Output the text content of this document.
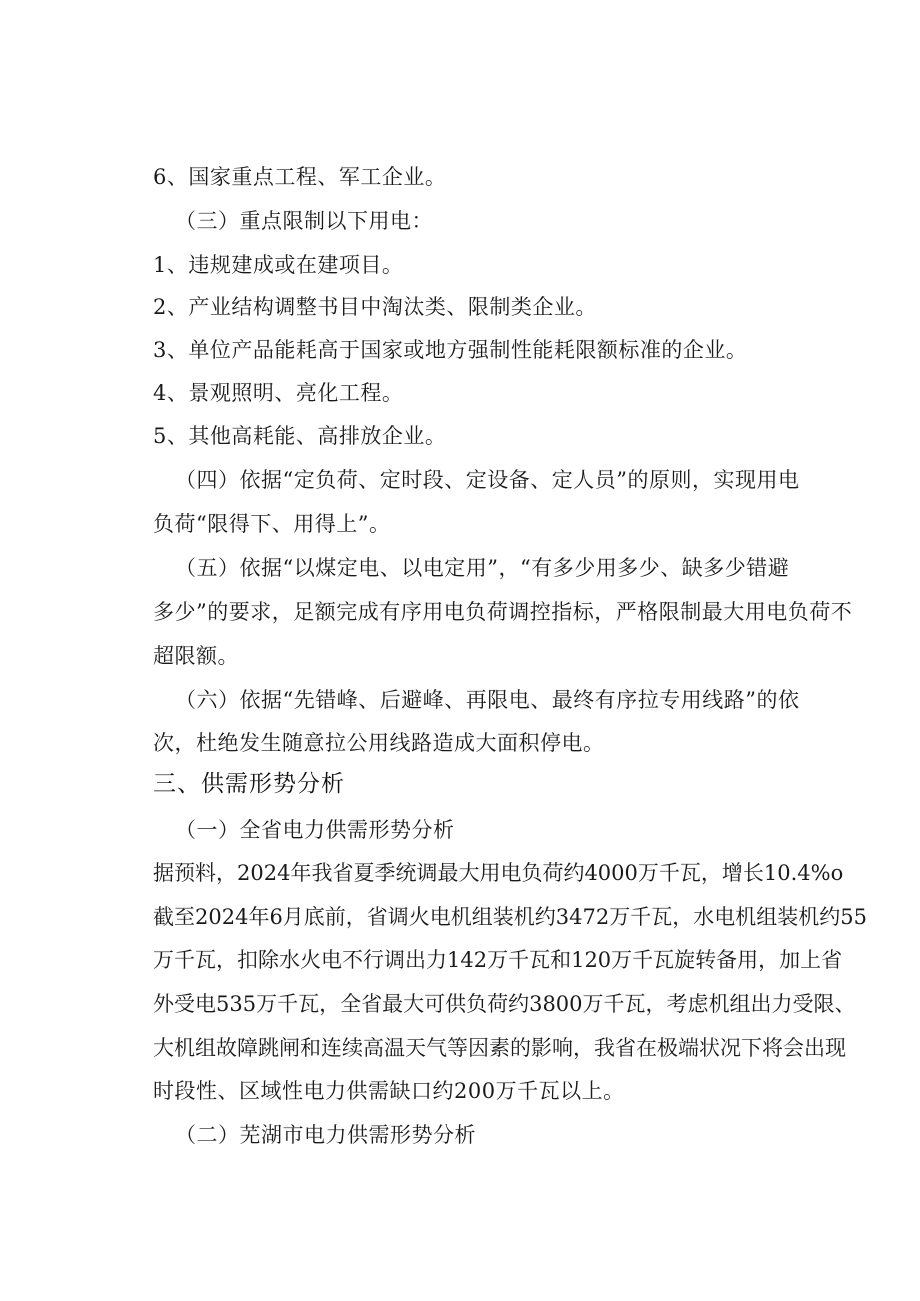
6、国家重点工程、军工企业。
（三）重点限制以下用电：
1、违规建成或在建项目。
2、产业结构调整书目中淘汰类、限制类企业。
3、单位产品能耗高于国家或地方强制性能耗限额标准的企业。
4、景观照明、亮化工程。
5、其他高耗能、高排放企业。
（四）依据“定负荷、定时段、定设备、定人员”的原则，实现用电
负荷“限得下、用得上”。
（五）依据“以煤定电、以电定用”，“有多少用多少、缺多少错避
多少”的要求，足额完成有序用电负荷调控指标，严格限制最大用电负荷不
超限额。
（六）依据“先错峰、后避峰、再限电、最终有序拉专用线路”的依
次，杜绝发生随意拉公用线路造成大面积停电。
三、供需形势分析
（一）全省电力供需形势分析
据预料，2024年我省夏季统调最大用电负荷约4000万千瓦，增长10.4%o
截至2024年6月底前，省调火电机组装机约3472万千瓦，水电机组装机约55
万千瓦，扣除水火电不行调出力142万千瓦和120万千瓦旋转备用，加上省
外受电535万千瓦，全省最大可供负荷约3800万千瓦，考虑机组出力受限、
大机组故障跳闸和连续高温天气等因素的影响，我省在极端状况下将会出现
时段性、区域性电力供需缺口约200万千瓦以上。
（二）芜湖市电力供需形势分析
